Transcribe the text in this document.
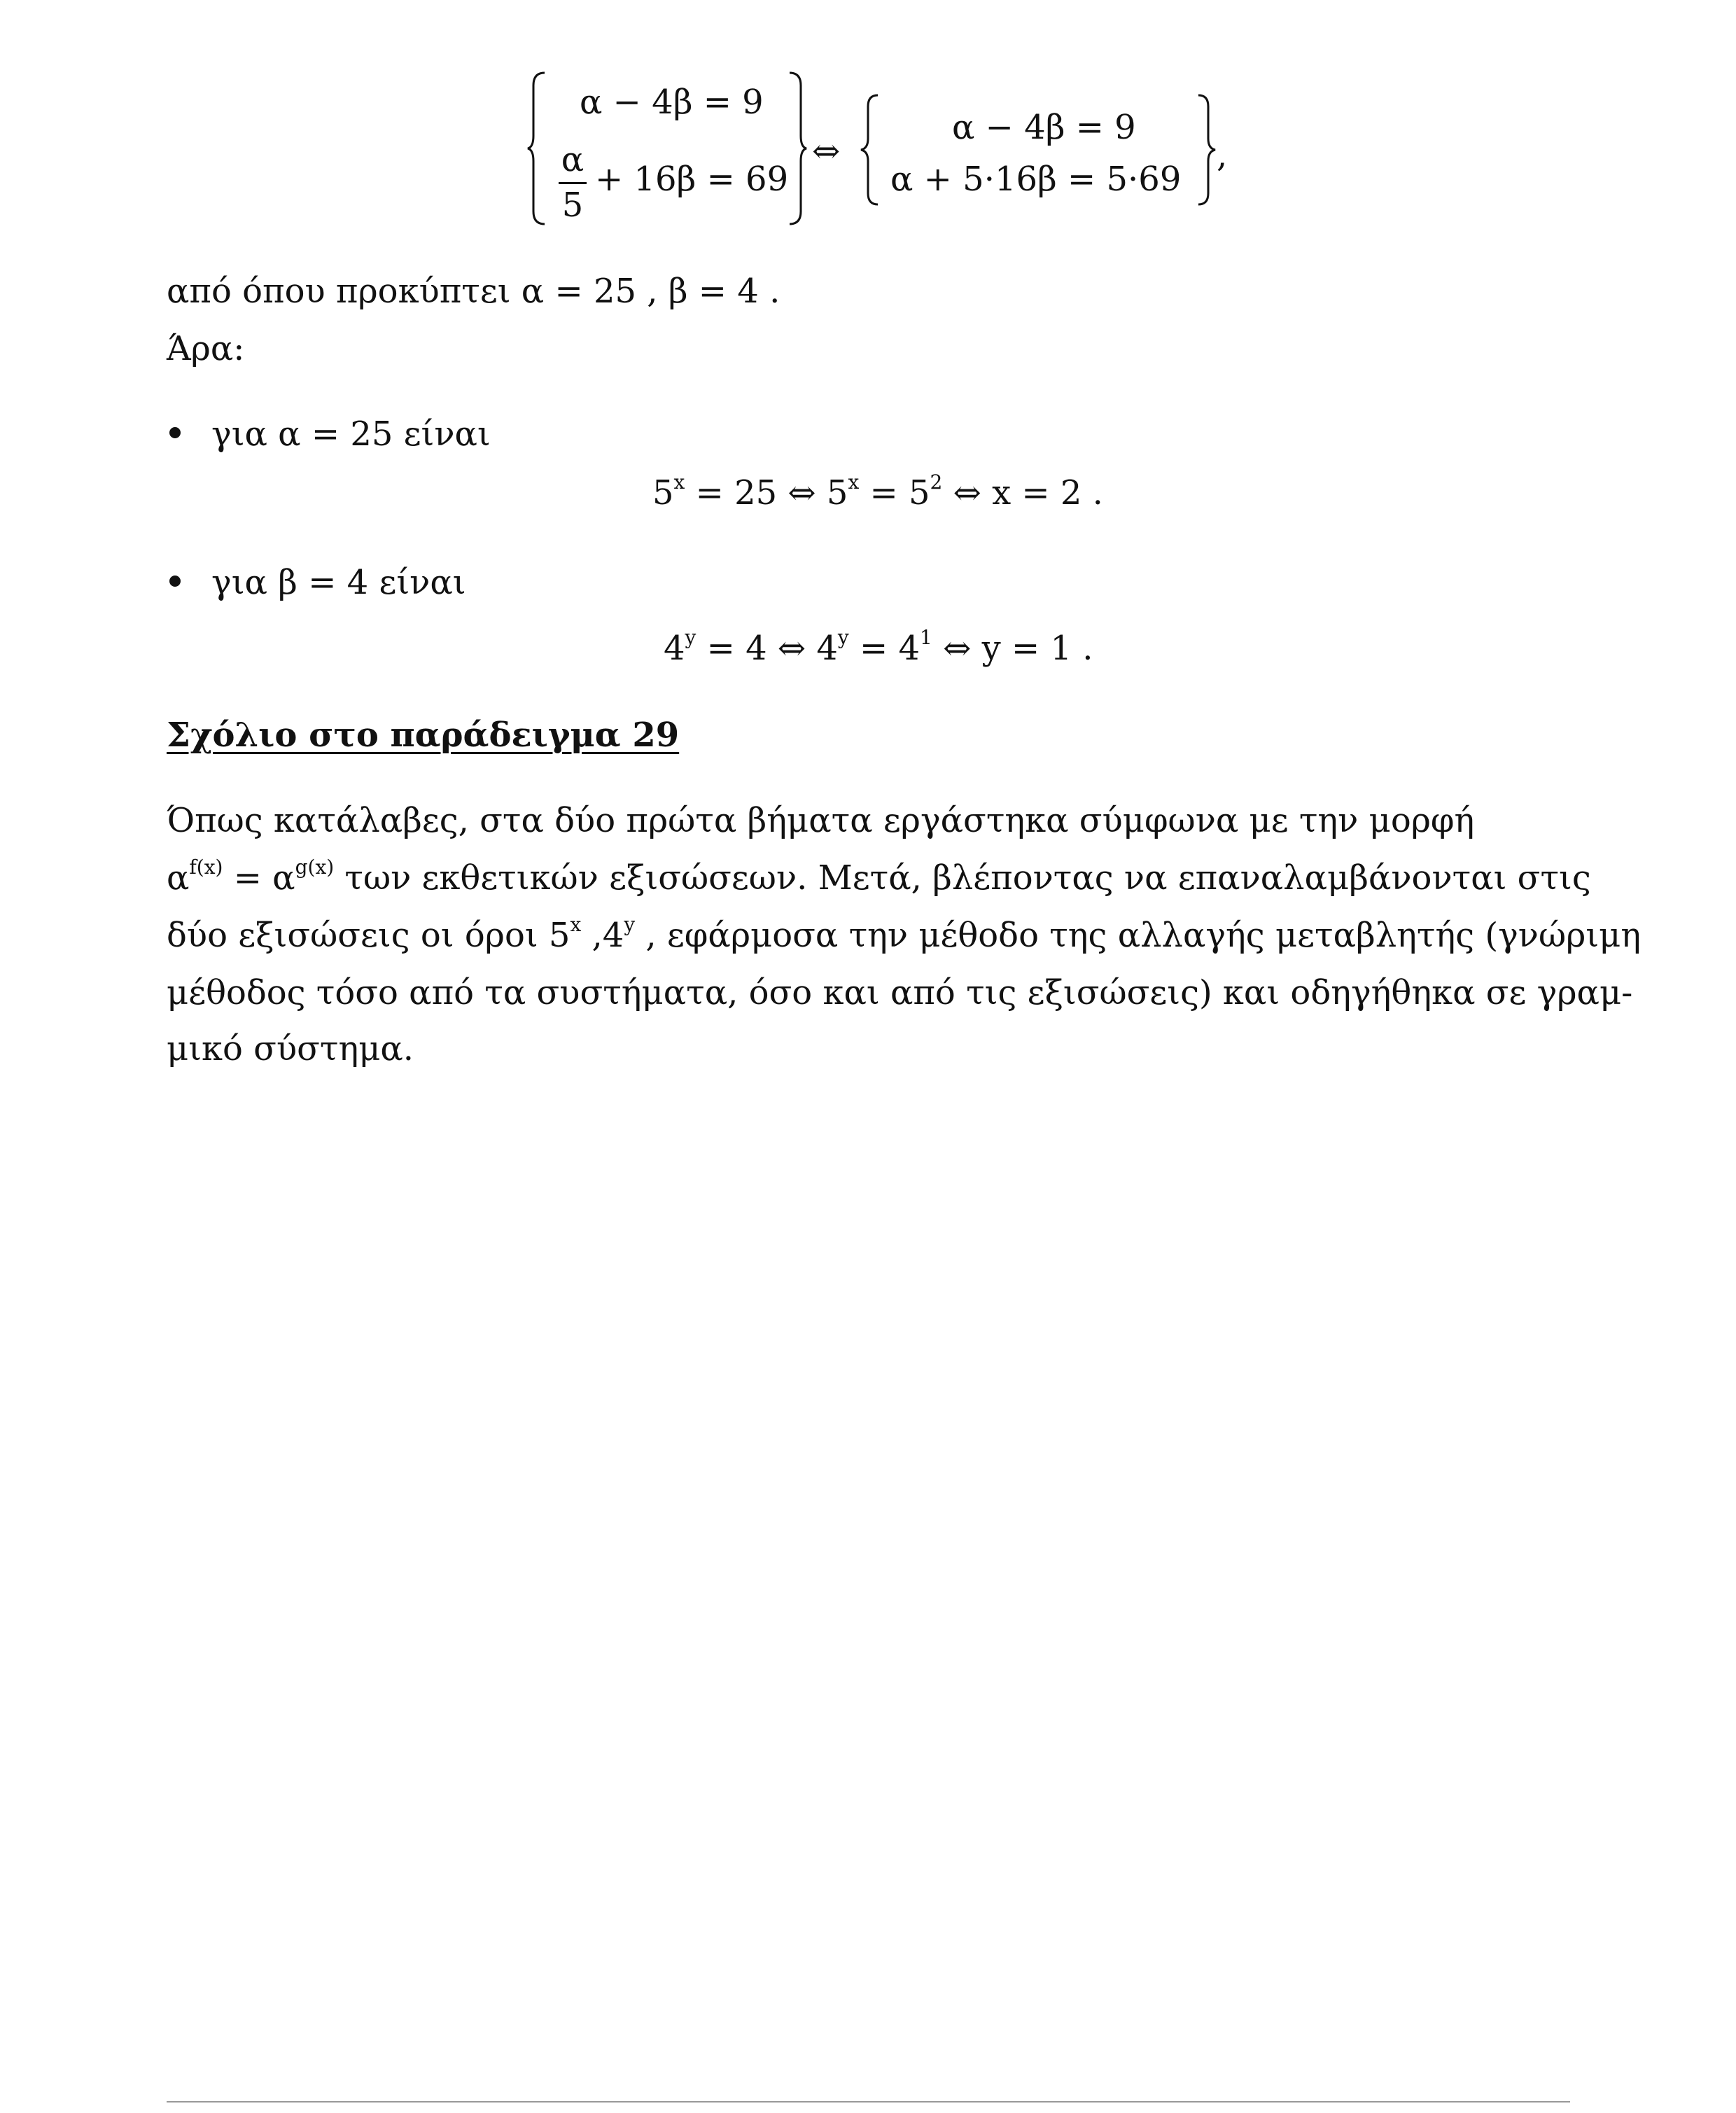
α − 4β = 9
α
5
+ 16β = 69
⇔
α − 4β = 9
α + 5·16β = 5·69
,
από όπου προκύπτει α = 25 , β = 4 .
Άρα:
για α = 25 είναι
$5^x = 25$ ⇔ $5^x = 5^2$ ⇔ x = 2 .
για β = 4 είναι
$4^y = 4$ ⇔ $4^y = 4^1$ ⇔ y = 1 .
Σχόλιο στο παράδειγμα 29
Όπως κατάλαβες, στα δύο πρώτα βήματα εργάστηκα σύμφωνα με την μορφή
$\alpha^{f(x)} = \alpha^{g(x)}$ των εκθετικών εξισώσεων. Μετά, βλέποντας να επαναλαμβάνονται στις
δύο εξισώσεις οι όροι 5$^x$ ,4$^y$ , εφάρμοσα την μέθοδο της αλλαγής μεταβλητής (γνώριμη
μέθοδος τόσο από τα συστήματα, όσο και από τις εξισώσεις) και οδηγήθηκα σε γραμ-
μικό σύστημα.
